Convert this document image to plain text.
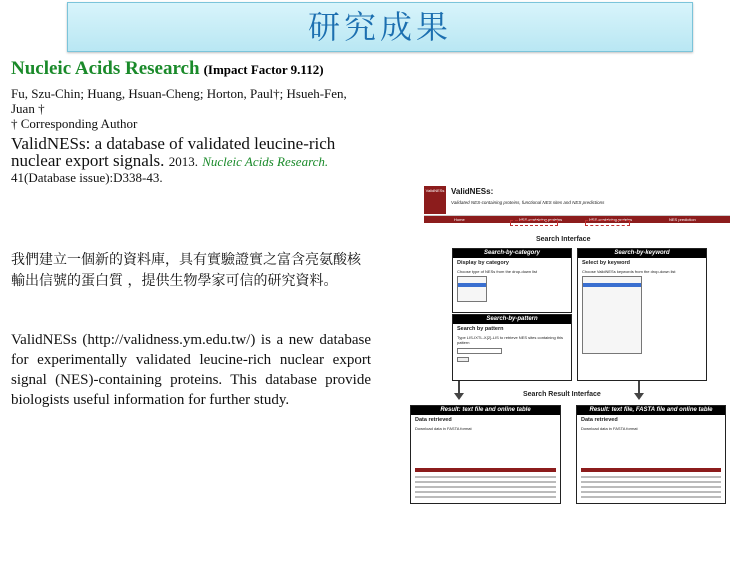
研究成果
Nucleic Acids Research (Impact Factor 9.112)
Fu, Szu-Chin; Huang, Hsuan-Cheng; Horton, Paul†; Hsueh-Fen, Juan †
† Corresponding Author
ValidNESs: a database of validated leucine-rich nuclear export signals. 2013. Nucleic Acids Research.
41(Database issue):D338-43.
我們建立一個新的資料庫，具有實驗證實之富含亮氨酸核輸出信號的蛋白質 ，提供生物學家可信的研究資料。
ValidNESs (http://validness.ym.edu.tw/) is a new database for experimentally validated leucine-rich nuclear export signal (NES)-containing proteins. This database provide biologists useful information for further study.
ValidNESs ValidNESs:
Validated NES-containing proteins, functional NES sites and NES predictions
Home	NES-containing proteins	NES-containing proteins	NES prediction
Search Interface
Search-by-category
Display by category
Choose type of NESs from the drop-down list
Search-by-pattern
Search by pattern
Type LIS-IXTL-X{2}-LIS to retrieve NES sites containing this pattern
Search-by-keyword
Select by keyword
Choose ValidNESs keywords from the drop-down list
Search Result Interface
Result: text file and online table
Data retrieved
Download data in FASTA format
Result: text file, FASTA file and online table
Data retrieved
Download data in FASTA format
